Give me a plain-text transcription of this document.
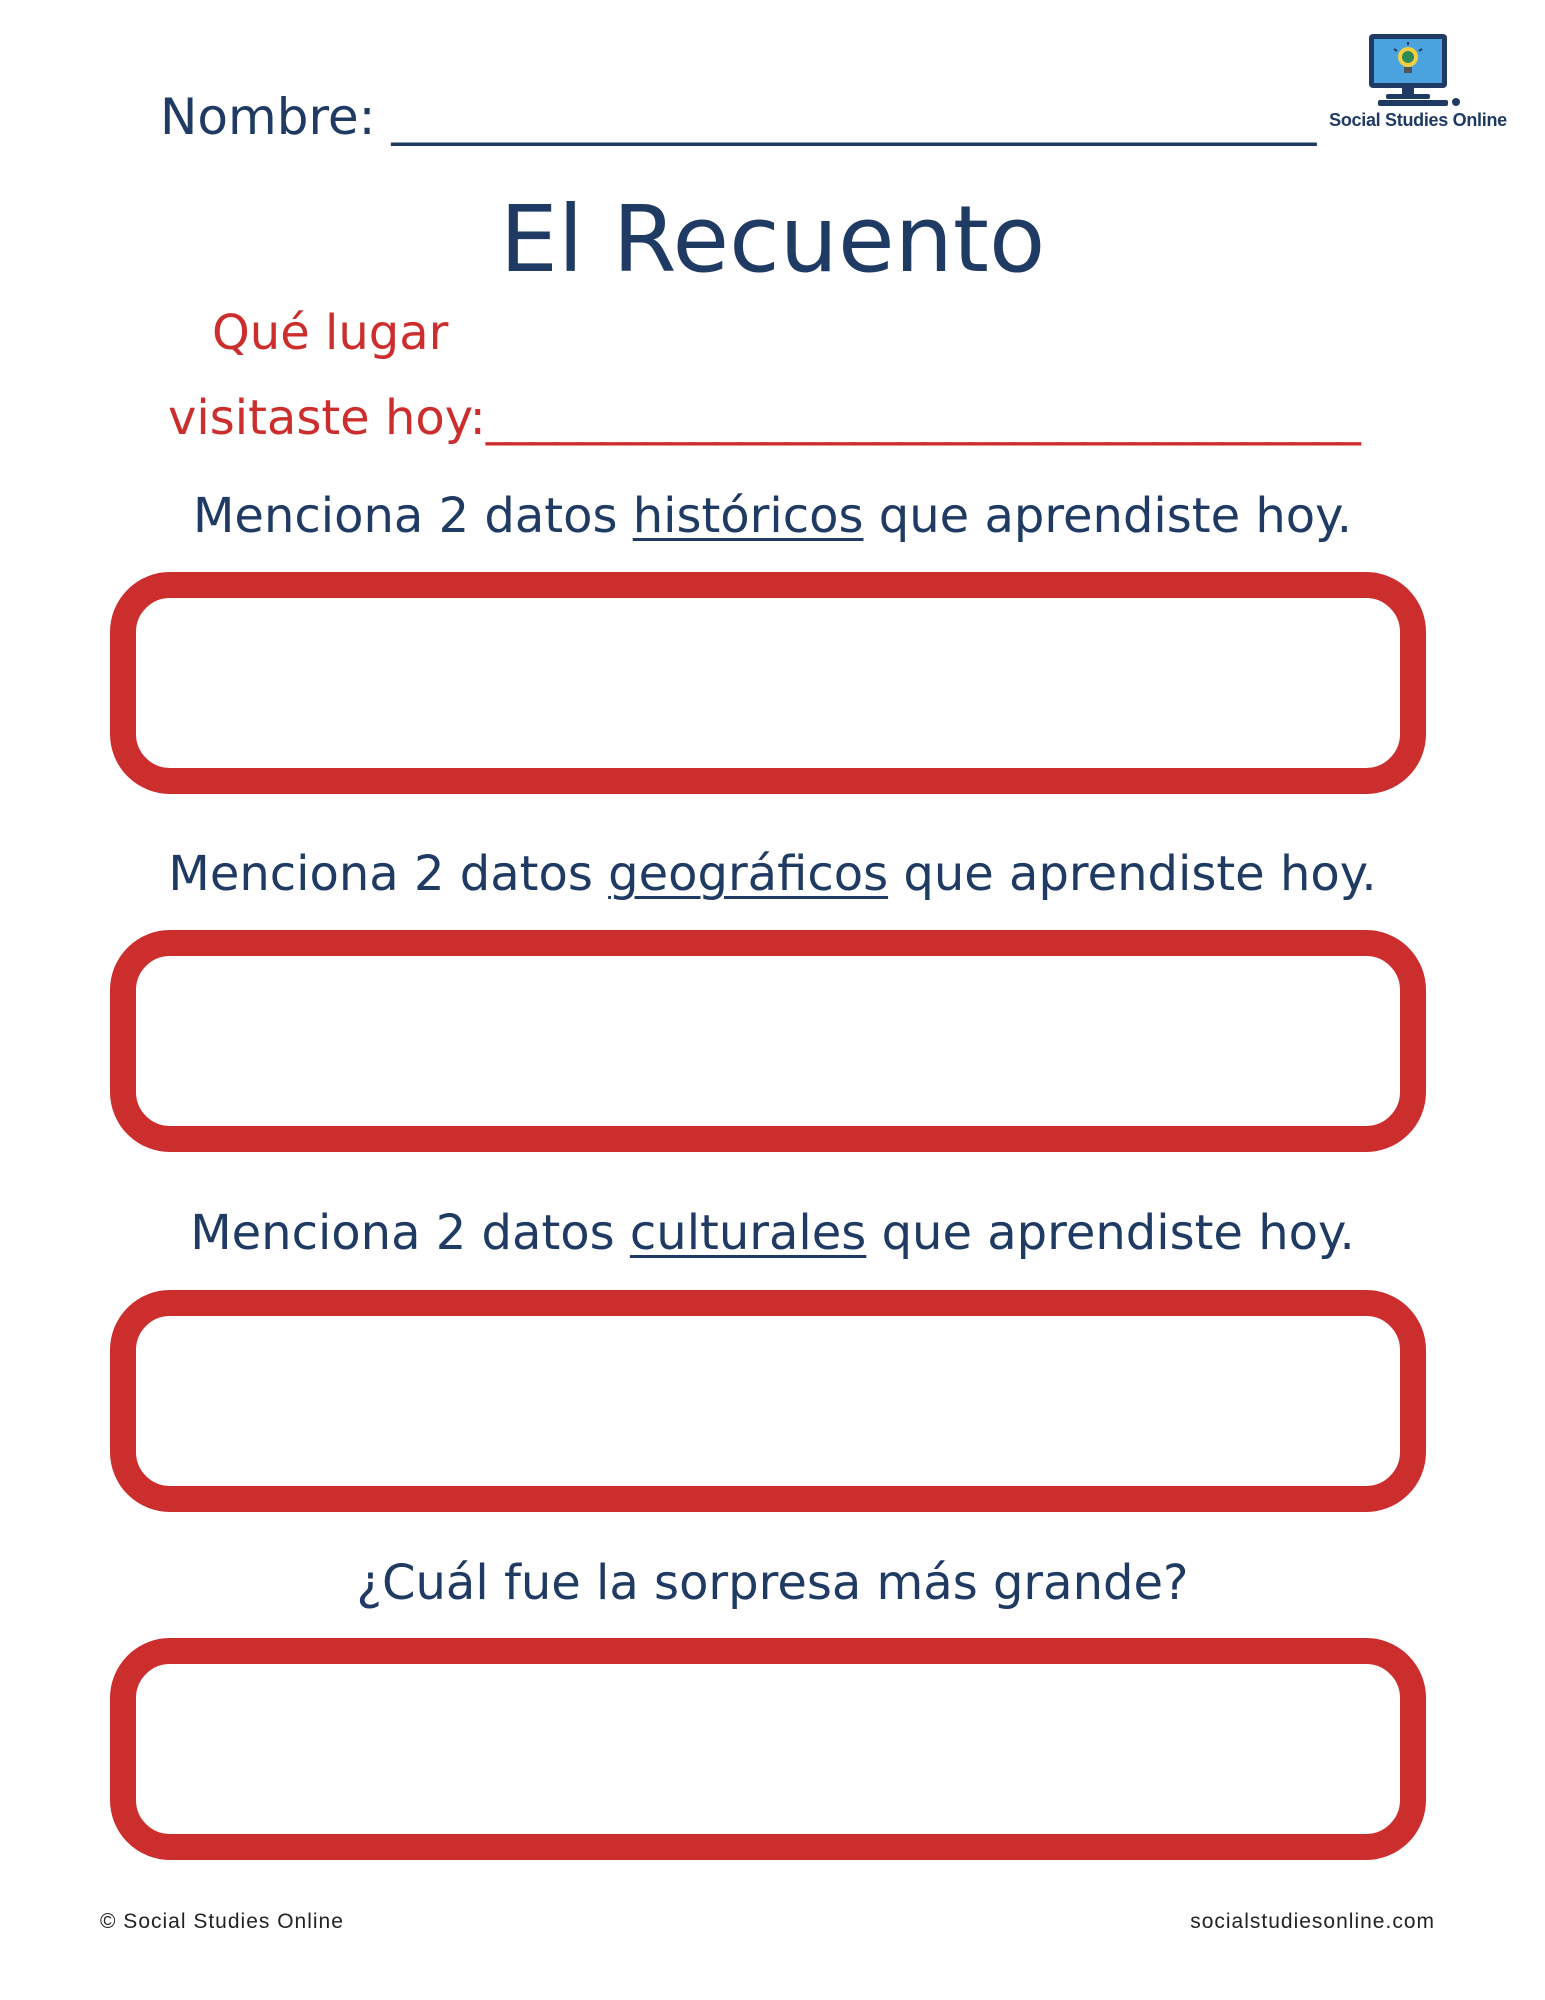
Nombre: _____________________________________ Social Studies Online
El Recuento
Qué lugar
visitaste hoy:______________________________________
Menciona 2 datos históricos que aprendiste hoy.
Menciona 2 datos geográficos que aprendiste hoy.
Menciona 2 datos culturales que aprendiste hoy.
¿Cuál fue la sorpresa más grande?
© Social Studies Online	socialstudiesonline.com
